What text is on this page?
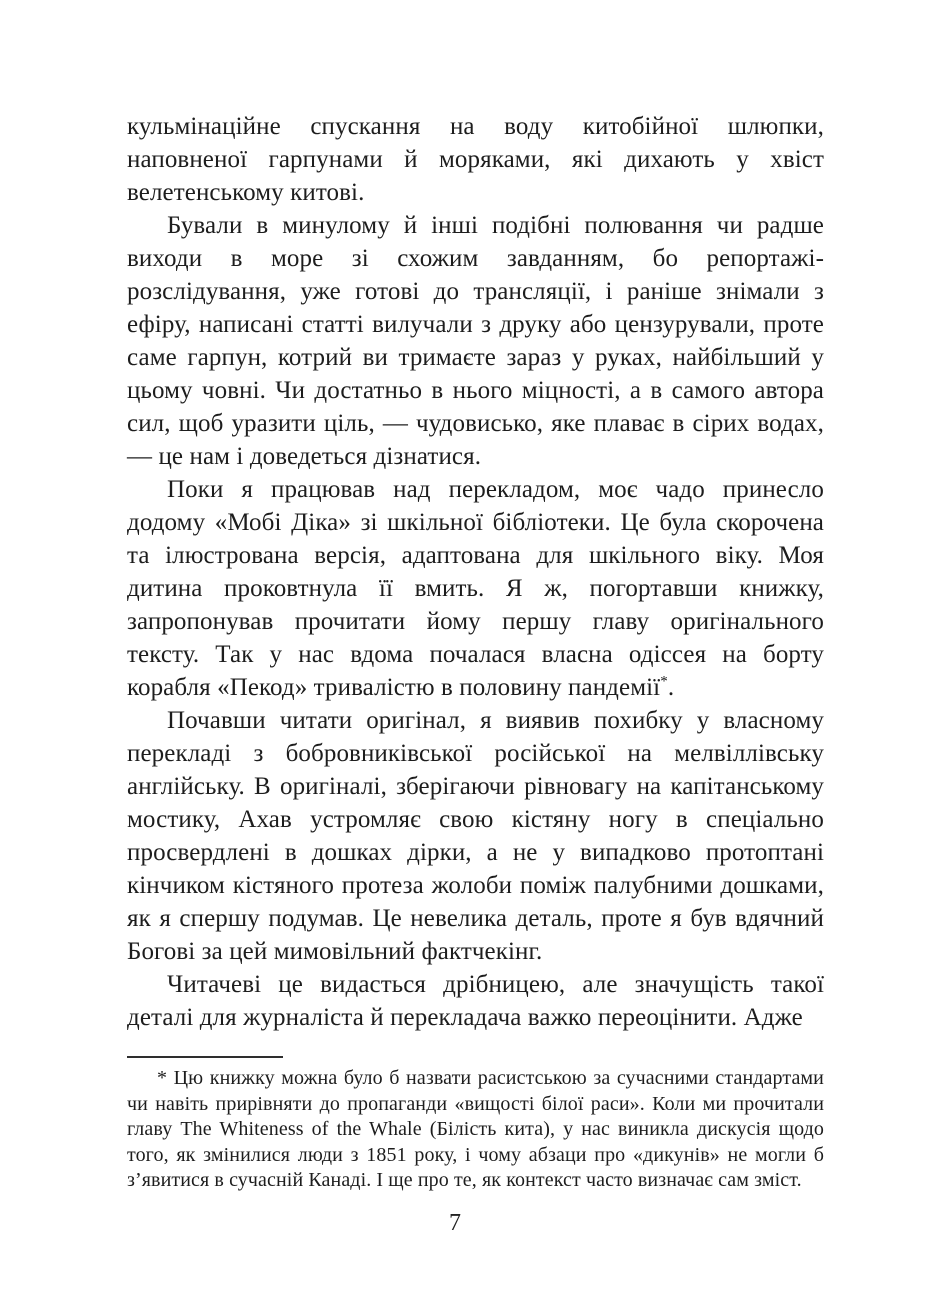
кульмінаційне спускання на воду китобійної шлюпки, наповненої гарпунами й моряками, які дихають у хвіст велетенському китові.

Бували в минулому й інші подібні полювання чи радше виходи в море зі схожим завданням, бо репортажі-розслідування, уже готові до трансляції, і раніше знімали з ефіру, написані статті вилучали з друку або цензурували, проте саме гарпун, котрий ви тримаєте зараз у руках, найбільший у цьому човні. Чи достатньо в нього міцності, а в самого автора сил, щоб уразити ціль, — чудовисько, яке плаває в сірих водах, — це нам і доведеться дізнатися.

Поки я працював над перекладом, моє чадо принесло додому «Мобі Діка» зі шкільної бібліотеки. Це була скорочена та ілюстрована версія, адаптована для шкільного віку. Моя дитина проковтнула її вмить. Я ж, погортавши книжку, запропонував прочитати йому першу главу оригінального тексту. Так у нас вдома почалася власна одіссея на борту корабля «Пекод» тривалістю в половину пандемії*.

Почавши читати оригінал, я виявив похибку у власному перекладі з бобровниківської російської на мелвіллівську англійську. В оригіналі, зберігаючи рівновагу на капітанському мостику, Ахав устромляє свою кістяну ногу в спеціально просвердлені в дошках дірки, а не у випадково протоптані кінчиком кістяного протеза жолоби поміж палубними дошками, як я спершу подумав. Це невелика деталь, проте я був вдячний Богові за цей мимовільний фактчекінг.

Читачеві це видасться дрібницею, але значущість такої деталі для журналіста й перекладача важко переоцінити. Адже

* Цю книжку можна було б назвати расистською за сучасними стандартами чи навіть прирівняти до пропаганди «вищості білої раси». Коли ми прочитали главу The Whiteness of the Whale (Білість кита), у нас виникла дискусія щодо того, як змінилися люди з 1851 року, і чому абзаци про «дикунів» не могли б з’явитися в сучасній Канаді. І ще про те, як контекст часто визначає сам зміст.

7
